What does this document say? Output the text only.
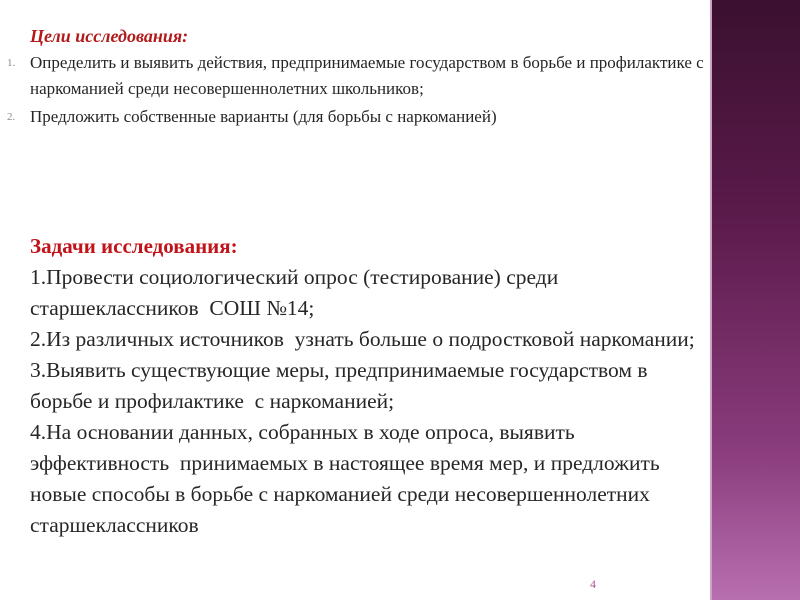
Цели исследования:
1. Определить и выявить действия, предпринимаемые государством в борьбе и профилактике с наркоманией среди несовершеннолетних школьников;
2. Предложить собственные варианты (для борьбы с наркоманией)
Задачи исследования:
1.Провести социологический опрос (тестирование) среди старшеклассников  СОШ №14;
2.Из различных источников  узнать больше о подростковой наркомании;
3.Выявить существующие меры, предпринимаемые государством в борьбе и профилактике  с наркоманией;
4.На основании данных, собранных в ходе опроса, выявить эффективность  принимаемых в настоящее время мер, и предложить новые способы в борьбе с наркоманией среди несовершеннолетних старшеклассников
4
